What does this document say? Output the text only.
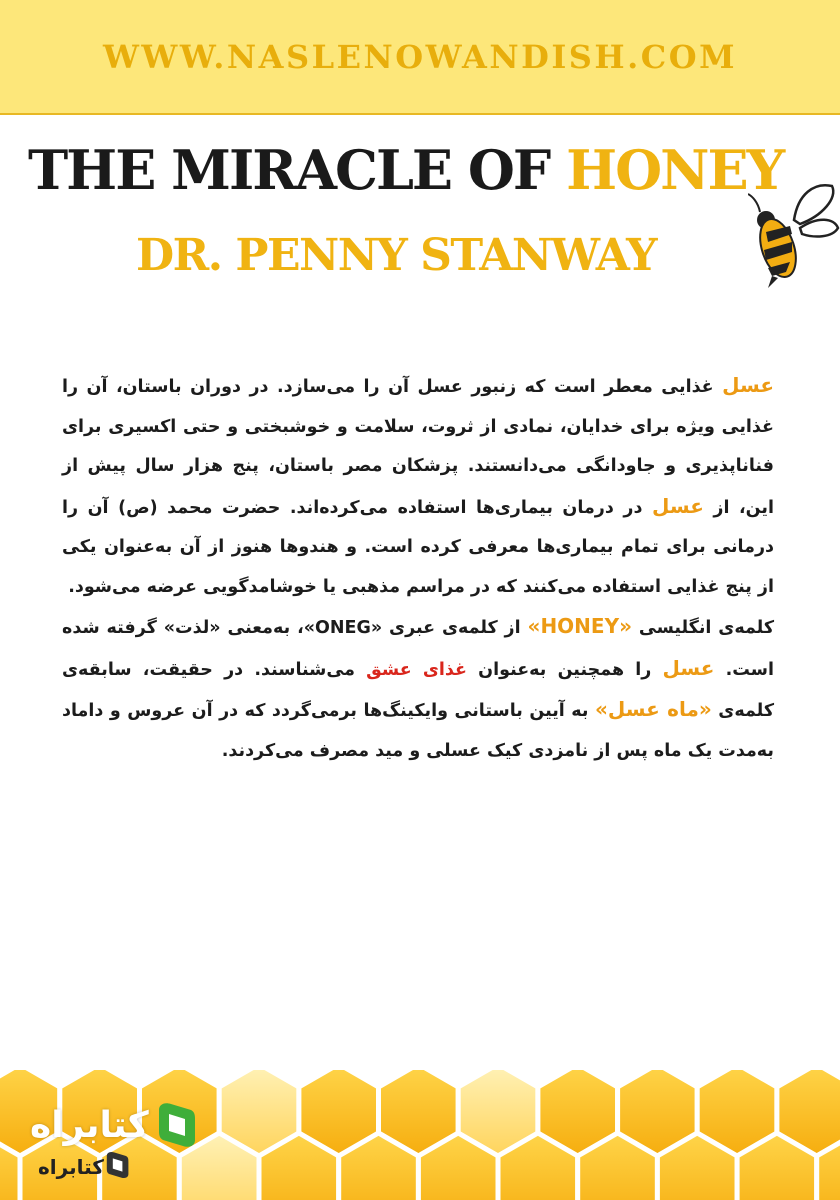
WWW.NASLENOWANDISH.COM
THE MIRACLE OF HONEY
DR. PENNY STANWAY

عسل غذایی معطر است که زنبور عسل آن را می‌سازد. در دوران باستان، آن را غذایی ویژه برای خدایان، نمادی از ثروت، سلامت و خوشبختی و حتی اکسیری برای فناناپذیری و جاودانگی می‌دانستند. پزشکان مصر باستان، پنج هزار سال پیش از این، از عسل در درمان بیماری‌ها استفاده می‌کرده‌اند. حضرت محمد (ص) آن را درمانی برای تمام بیماری‌ها معرفی کرده است. و هندوها هنوز از آن به‌عنوان یکی از پنج غذایی استفاده می‌کنند که در مراسم مذهبی یا خوشامدگویی عرضه می‌شود.

کلمه‌ی انگلیسی «HONEY» از کلمه‌ی عبری «ONEG»، به‌معنی «لذت» گرفته شده است. عسل را همچنین به‌عنوان غذای عشق می‌شناسند. در حقیقت، سابقه‌ی کلمه‌ی «ماه عسل» به آیین باستانی وایکینگ‌ها برمی‌گردد که در آن عروس و داماد به‌مدت یک ماه پس از نامزدی کیک عسلی و مید مصرف می‌کردند.

کتابراه
کتابراه
